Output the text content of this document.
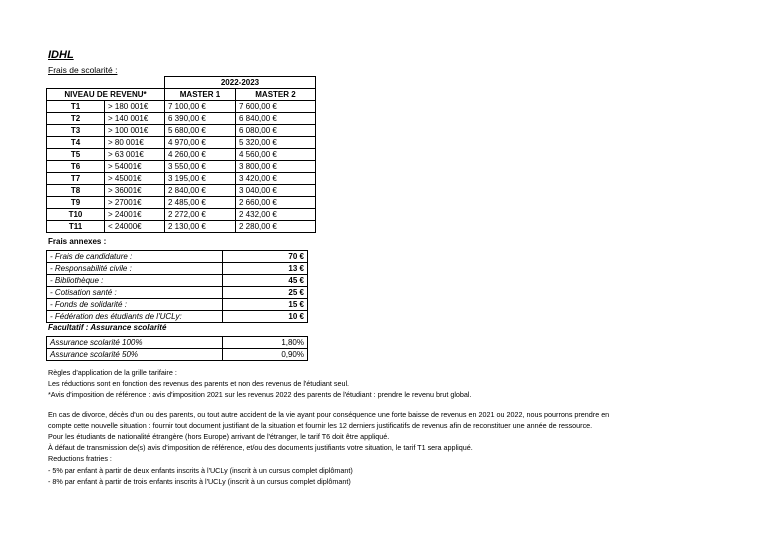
IDHL
Frais de scolarité :
		2022-2023	
NIVEAU DE REVENU*		MASTER 1	MASTER 2
T1	> 180 001€	7 100,00 €	7 600,00 €
T2	> 140 001€	6 390,00 €	6 840,00 €
T3	> 100 001€	5 680,00 €	6 080,00 €
T4	> 80 001€	4 970,00 €	5 320,00 €
T5	> 63 001€	4 260,00 €	4 560,00 €
T6	> 54001€	3 550,00 €	3 800,00 €
T7	> 45001€	3 195,00 €	3 420,00 €
T8	> 36001€	2 840,00 €	3 040,00 €
T9	> 27001€	2 485,00 €	2 660,00 €
T10	> 24001€	2 272,00 €	2 432,00 €
T11	< 24000€	2 130,00 €	2 280,00 €
Frais annexes :
- Frais de candidature :	70 €
- Responsabilité civile :	13 €
- Bibliothèque :	45 €
- Cotisation santé :	25 €
- Fonds de solidarité :	15 €
- Fédération des étudiants de l'UCLy:	10 €
Facultatif : Assurance scolarité
Assurance scolarité 100%	1,80%
Assurance scolarité 50%	0,90%

Règles d'application de la grille tarifaire :

Les réductions sont en fonction des revenus des parents et non des revenus de l'étudiant seul.

*Avis d'imposition de référence : avis d'imposition 2021 sur les revenus 2022 des parents de l'étudiant : prendre le revenu brut global.

En cas de divorce, décès d'un ou des parents, ou tout autre accident de la vie ayant pour conséquence une forte baisse de revenus en 2021 ou 2022, nous pourrons prendre en

compte cette nouvelle situation : fournir tout document justifiant de la situation et fournir les 12 derniers justificatifs de revenus afin de reconstituer une année de ressource.

Pour les étudiants de nationalité étrangère (hors Europe) arrivant de l'étranger, le tarif T6 doit être appliqué.

À défaut de transmission de(s) avis d'imposition de référence, et/ou des documents justifiants votre situation, le tarif T1 sera appliqué.

Reductions fratries :

- 5% par enfant à partir de deux enfants inscrits à l'UCLy (inscrit à un cursus complet diplômant)

- 8% par enfant à partir de trois enfants inscrits à l'UCLy (inscrit à un cursus complet diplômant)
